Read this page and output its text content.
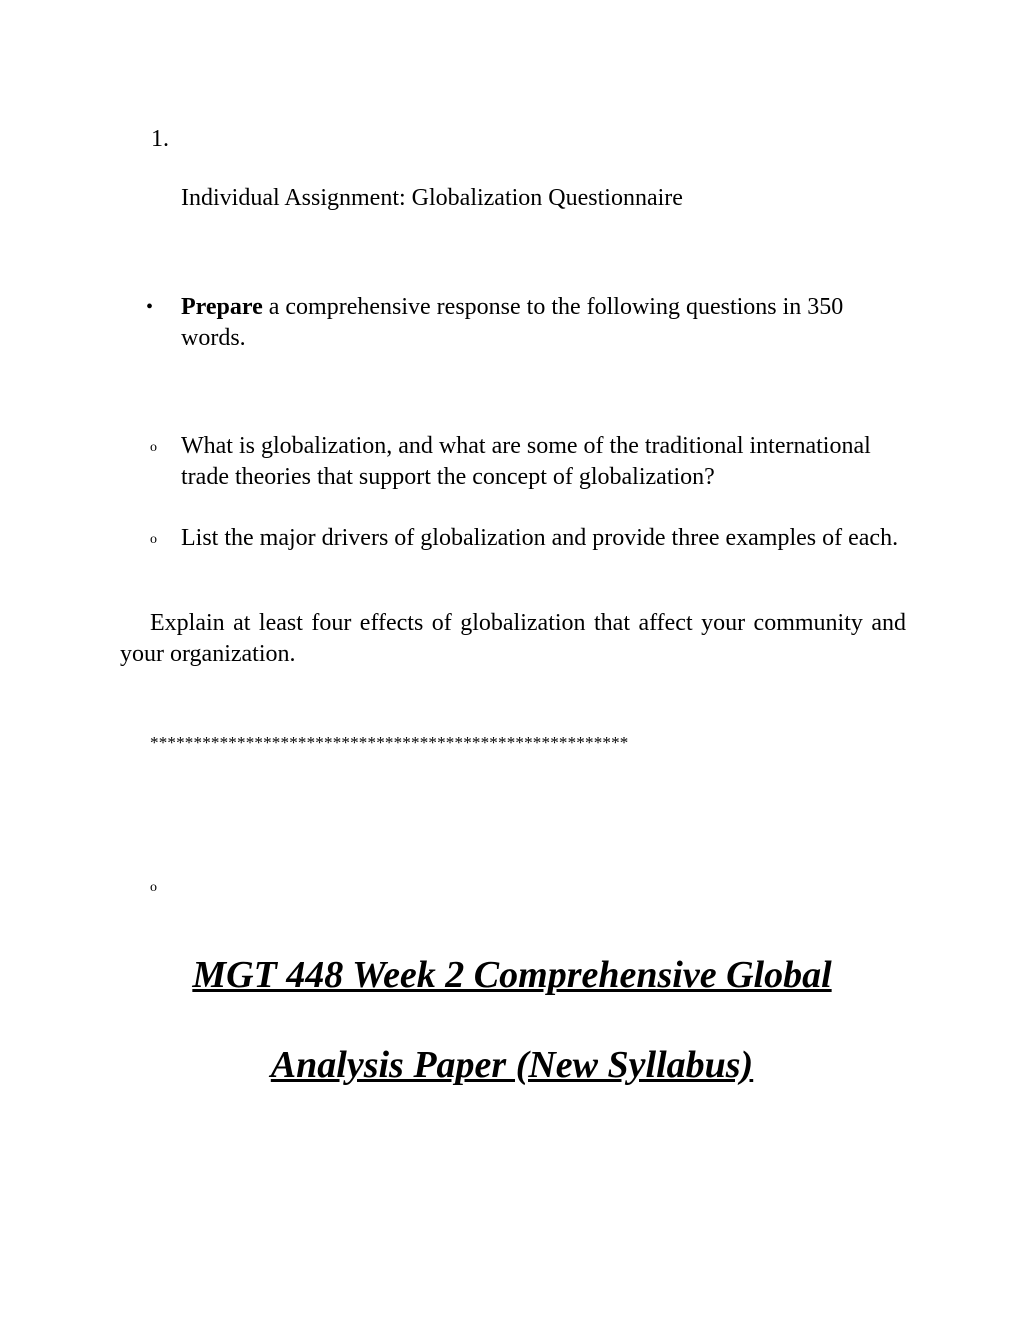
1.
Individual Assignment: Globalization Questionnaire
• Prepare a comprehensive response to the following questions in 350 words.
o What is globalization, and what are some of the traditional international trade theories that support the concept of globalization?
o List the major drivers of globalization and provide three examples of each.
Explain at least four effects of globalization that affect your community and your organization.
*******************************************************
o
MGT 448 Week 2 Comprehensive Global
Analysis Paper (New Syllabus)
